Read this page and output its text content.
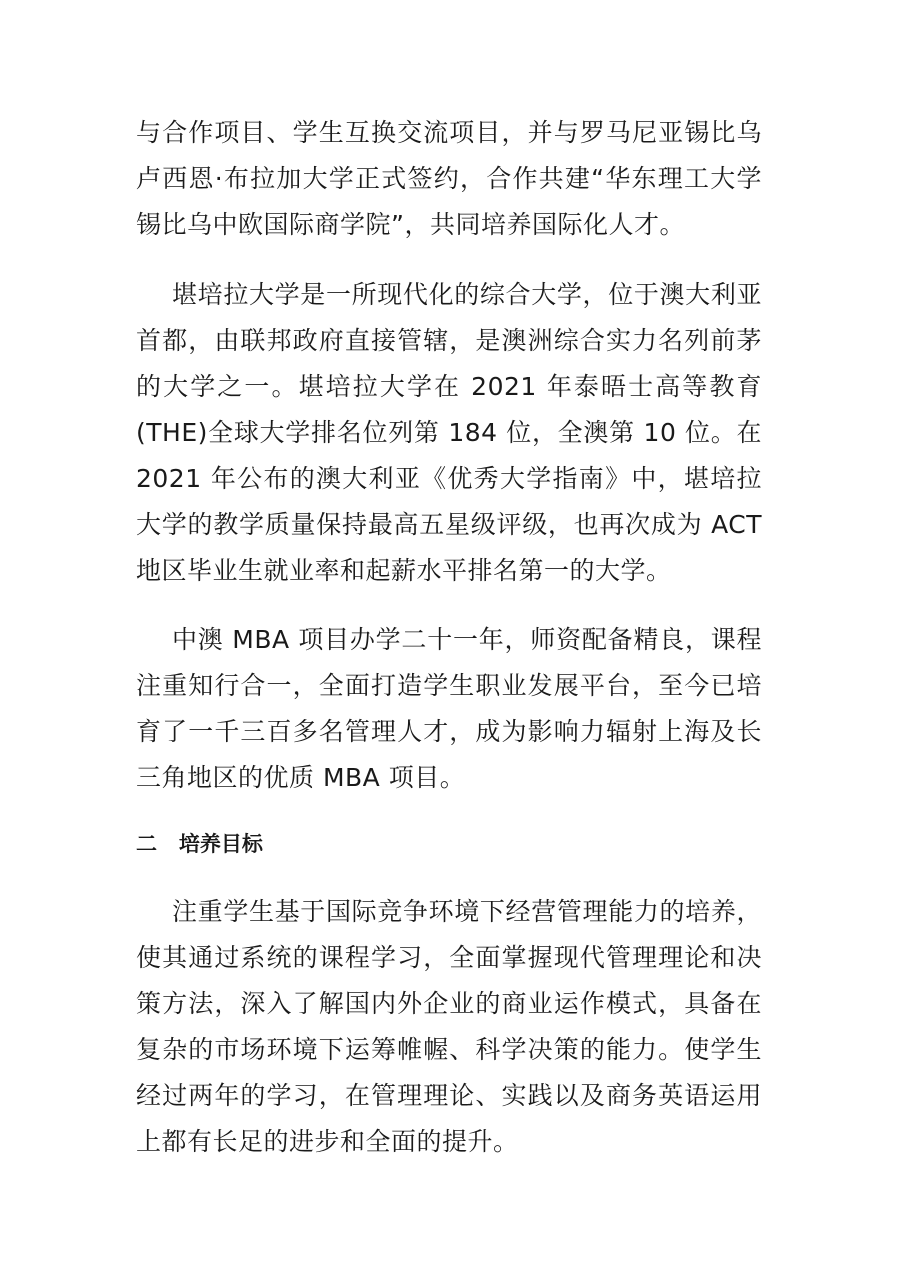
与合作项目、学生互换交流项目，并与罗马尼亚锡比乌卢西恩·布拉加大学正式签约，合作共建“华东理工大学锡比乌中欧国际商学院”，共同培养国际化人才。

堪培拉大学是一所现代化的综合大学，位于澳大利亚首都，由联邦政府直接管辖，是澳洲综合实力名列前茅的大学之一。堪培拉大学在 2021 年泰晤士高等教育(THE)全球大学排名位列第 184 位，全澳第 10 位。在 2021 年公布的澳大利亚《优秀大学指南》中，堪培拉大学的教学质量保持最高五星级评级，也再次成为 ACT 地区毕业生就业率和起薪水平排名第一的大学。

中澳 MBA 项目办学二十一年，师资配备精良，课程注重知行合一，全面打造学生职业发展平台，至今已培育了一千三百多名管理人才，成为影响力辐射上海及长三角地区的优质 MBA 项目。

二   培养目标

注重学生基于国际竞争环境下经营管理能力的培养，使其通过系统的课程学习，全面掌握现代管理理论和决策方法，深入了解国内外企业的商业运作模式，具备在复杂的市场环境下运筹帷幄、科学决策的能力。使学生经过两年的学习，在管理理论、实践以及商务英语运用上都有长足的进步和全面的提升。
